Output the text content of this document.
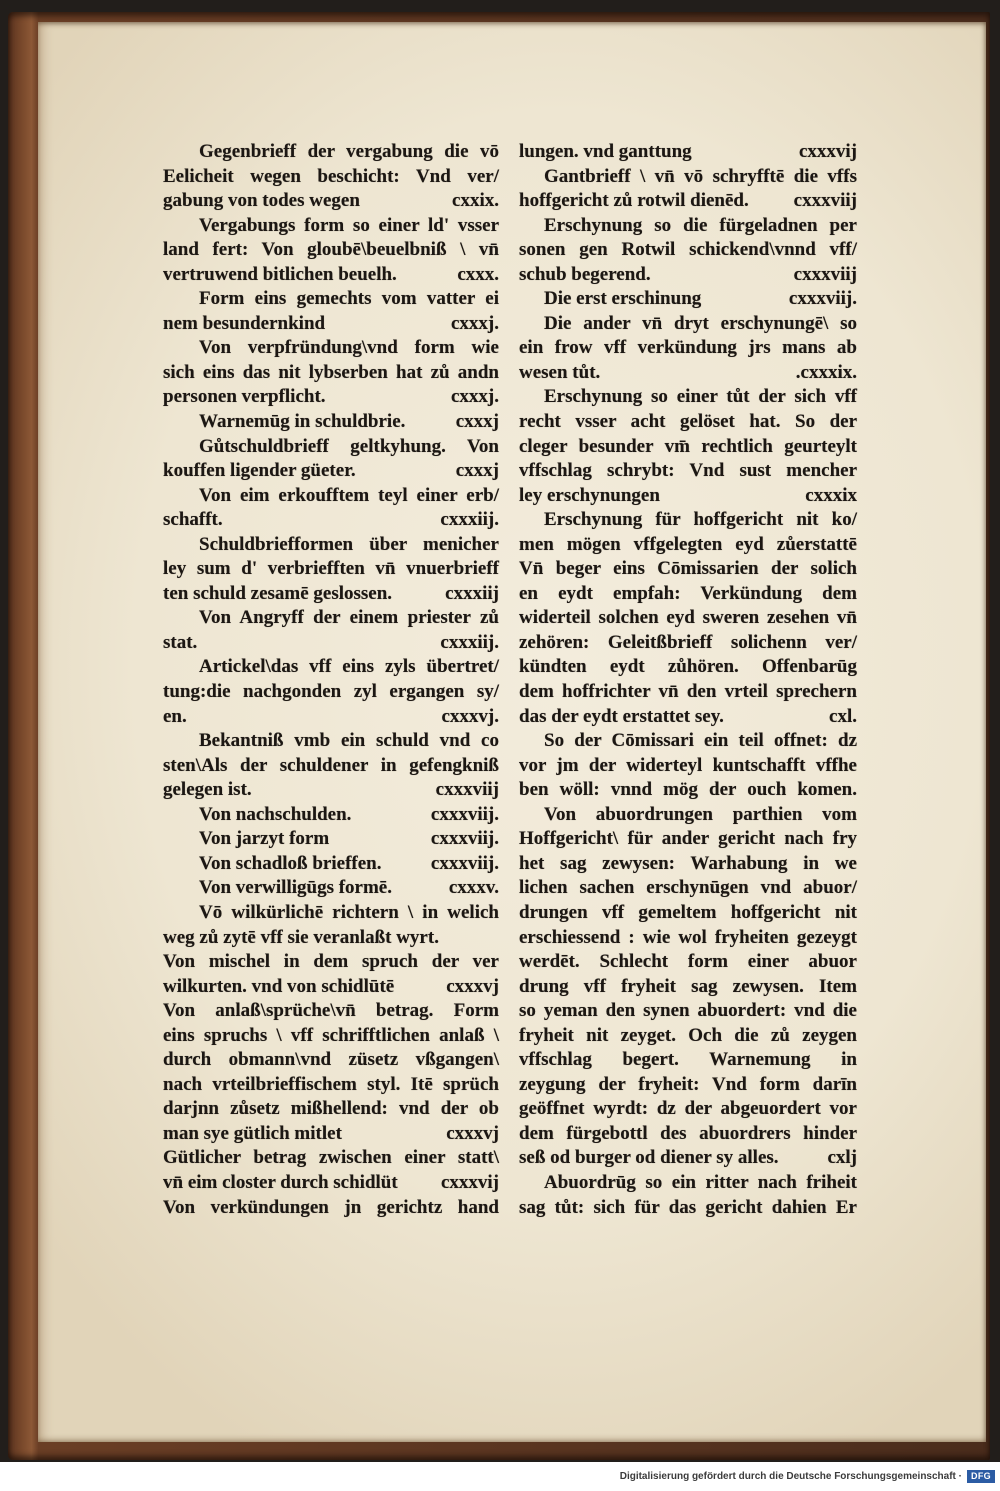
Gegenbrieff der vergabung die vō
Eelicheit wegen beschicht: Vnd ver/
gabung von todes wegen	cxxix.
Vergabungs form so einer ld' vsser
land fert: Von gloubē\beuelbniß \ vn̄
vertruwend bitlichen beuelh.	cxxx.
Form eins gemechts vom vatter ei
nem besundernkind	cxxxj.
Von verpfründung\vnd form wie
sich eins das nit lybserben hat zů andn
personen verpflicht.	cxxxj.
Warnemūg in schuldbrie.	cxxxj
Gůtschuldbrieff geltkyhung. Von
kouffen ligender güeter.	cxxxj
Von eim erkoufftem teyl einer erb/
schafft.	cxxxiij.
Schuldbriefformen über menicher
ley sum d' verbriefften vn̄ vnuerbrieff
ten schuld zesamē geslossen.	cxxxiij
Von Angryff der einem priester zů
stat.	cxxxiij.
Artickel\das vff eins zyls übertret/
tung:die nachgonden zyl ergangen sy/
en.	cxxxvj.
Bekantniß vmb ein schuld vnd co
sten\Als der schuldener in gefengkniß
gelegen ist.	cxxxviij
Von nachschulden.	cxxxviij.
Von jarzyt form	cxxxviij.
Von schadloß brieffen.	cxxxviij.
Von verwilligūgs formē.	cxxxv.
Vō wilkürlichē richtern \ in welich
weg zů zytē vff sie veranlaßt wyrt.
Von mischel in dem spruch der ver
wilkurten. vnd von schidlūtē	cxxxvj
Von anlaß\sprüche\vn̄ betrag. Form
eins spruchs \ vff schrifftlichen anlaß \
durch obmann\vnd züsetz vßgangen\
nach vrteilbrieffischem styl. Itē sprüch
darjnn zůsetz mißhellend: vnd der ob
man sye gütlich mitlet	cxxxvj
Gütlicher betrag zwischen einer statt\
vn̄ eim closter durch schidlüt	cxxxvij
Von verkündungen jn gerichtz hand
lungen. vnd ganttung	cxxxvij
Gantbrieff \ vn̄ vō schryfftē die vffs
hoffgericht zů rotwil dienēd.	cxxxviij
Erschynung so die fürgeladnen per
sonen gen Rotwil schickend\vnnd vff/
schub begerend.	cxxxviij
Die erst erschinung	cxxxviij.
Die ander vn̄ dryt erschynungē\ so
ein frow vff verkündung jrs mans ab
wesen tůt.	.cxxxix.
Erschynung so einer tůt der sich vff
recht vsser acht gelöset hat. So der
cleger besunder vm̄ rechtlich geurteylt
vffschlag schrybt: Vnd sust mencher
ley erschynungen	cxxxix
Erschynung für hoffgericht nit ko/
men mögen vffgelegten eyd zůerstattē
Vn̄ beger eins Cōmissarien der solich
en eydt empfah: Verkündung dem
widerteil solchen eyd sweren zesehen vn̄
zehören: Geleitßbrieff solichenn ver/
kündten eydt zůhören. Offenbarūg
dem hoffrichter vn̄ den vrteil sprechern
das der eydt erstattet sey.	cxl.
So der Cōmissari ein teil offnet: dz
vor jm der widerteyl kuntschafft vffhe
ben wöll: vnnd mög der ouch komen.
Von abuordrungen parthien vom
Hoffgericht\ für ander gericht nach fry
het sag zewysen: Warhabung in we
lichen sachen erschynūgen vnd abuor/
drungen vff gemeltem hoffgericht nit
erschiessend : wie wol fryheiten gezeygt
werdēt. Schlecht form einer abuor
drung vff fryheit sag zewysen. Item
so yeman den synen abuordert: vnd die
fryheit nit zeyget. Och die zů zeygen
vffschlag begert. Warnemung in
zeygung der fryheit: Vnd form darīn
geöffnet wyrdt: dz der abgeuordert vor
dem fürgebottl des abuordrers hinder
seß od burger od diener sy alles.	cxlj
Abuordrūg so ein ritter nach friheit
sag tůt: sich für das gericht dahien Er
Digitalisierung gefördert durch die Deutsche Forschungsgemeinschaft ·	DFG
